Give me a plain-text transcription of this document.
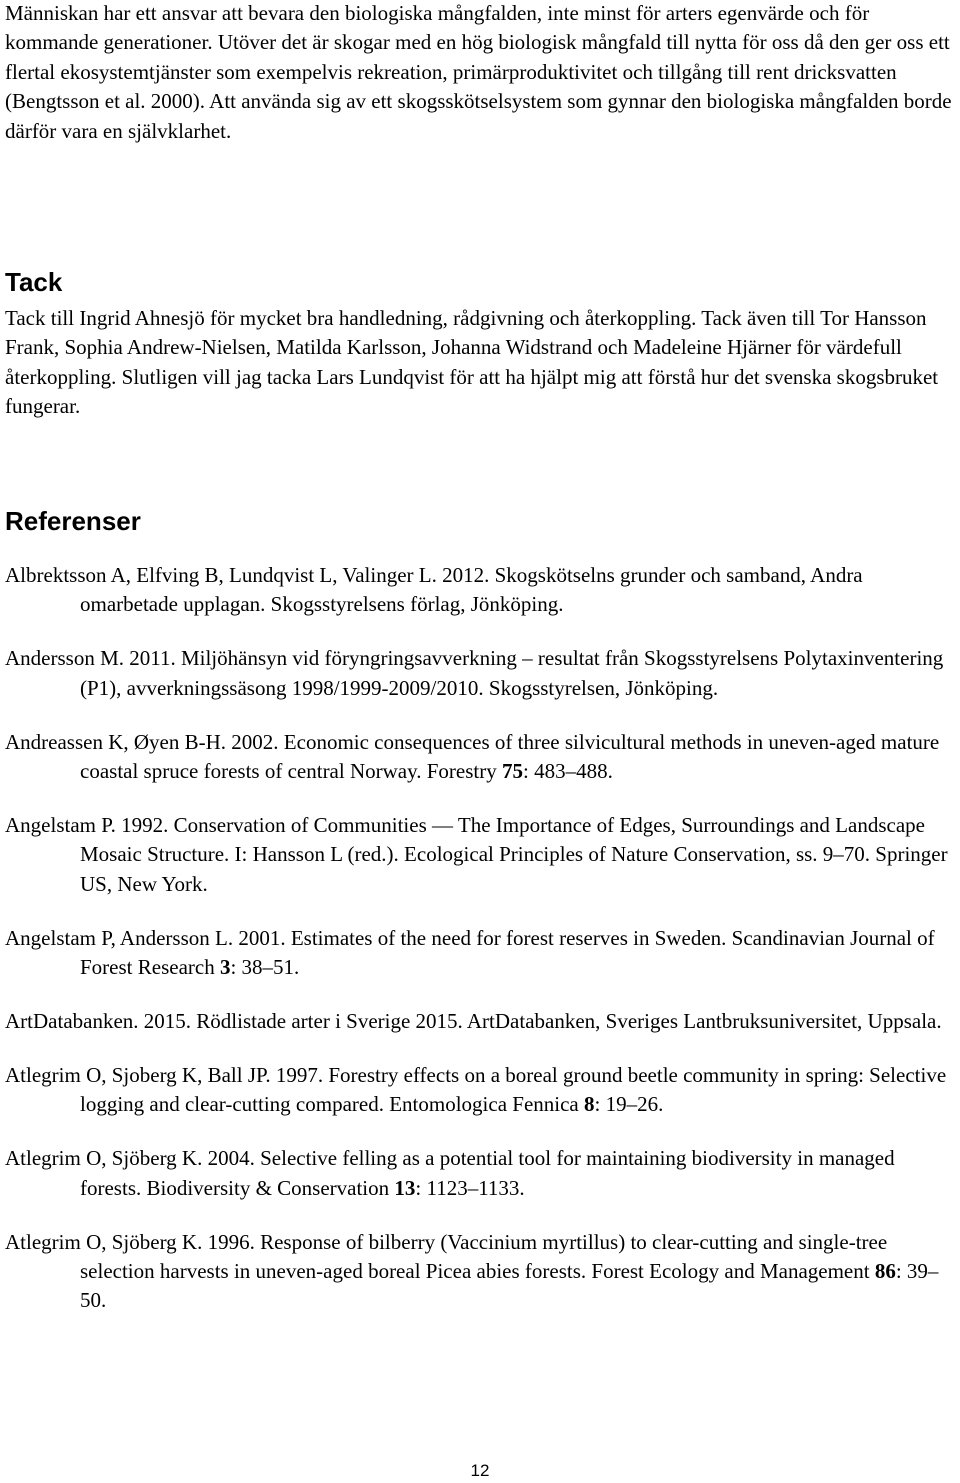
Människan har ett ansvar att bevara den biologiska mångfalden, inte minst för arters egenvärde och för kommande generationer. Utöver det är skogar med en hög biologisk mångfald till nytta för oss då den ger oss ett flertal ekosystemtjänster som exempelvis rekreation, primärproduktivitet och tillgång till rent dricksvatten (Bengtsson et al. 2000). Att använda sig av ett skogsskötselsystem som gynnar den biologiska mångfalden borde därför vara en självklarhet.

Tack

Tack till Ingrid Ahnesjö för mycket bra handledning, rådgivning och återkoppling. Tack även till Tor Hansson Frank, Sophia Andrew-Nielsen, Matilda Karlsson, Johanna Widstrand och Madeleine Hjärner för värdefull återkoppling. Slutligen vill jag tacka Lars Lundqvist för att ha hjälpt mig att förstå hur det svenska skogsbruket fungerar.

Referenser
Albrektsson A, Elfving B, Lundqvist L, Valinger L. 2012. Skogskötselns grunder och samband, Andra omarbetade upplagan. Skogsstyrelsens förlag, Jönköping.
Andersson M. 2011. Miljöhänsyn vid föryngringsavverkning – resultat från Skogsstyrelsens Polytaxinventering (P1), avverkningssäsong 1998/1999-2009/2010. Skogsstyrelsen, Jönköping.
Andreassen K, Øyen B-H. 2002. Economic consequences of three silvicultural methods in uneven-aged mature coastal spruce forests of central Norway. Forestry 75: 483–488.
Angelstam P. 1992. Conservation of Communities — The Importance of Edges, Surroundings and Landscape Mosaic Structure. I: Hansson L (red.). Ecological Principles of Nature Conservation, ss. 9–70. Springer US, New York.
Angelstam P, Andersson L. 2001. Estimates of the need for forest reserves in Sweden. Scandinavian Journal of Forest Research 3: 38–51.
ArtDatabanken. 2015. Rödlistade arter i Sverige 2015. ArtDatabanken, Sveriges Lantbruksuniversitet, Uppsala.
Atlegrim O, Sjoberg K, Ball JP. 1997. Forestry effects on a boreal ground beetle community in spring: Selective logging and clear-cutting compared. Entomologica Fennica 8: 19–26.
Atlegrim O, Sjöberg K. 2004. Selective felling as a potential tool for maintaining biodiversity in managed forests. Biodiversity & Conservation 13: 1123–1133.
Atlegrim O, Sjöberg K. 1996. Response of bilberry (Vaccinium myrtillus) to clear-cutting and single-tree selection harvests in uneven-aged boreal Picea abies forests. Forest Ecology and Management 86: 39–50.
12
